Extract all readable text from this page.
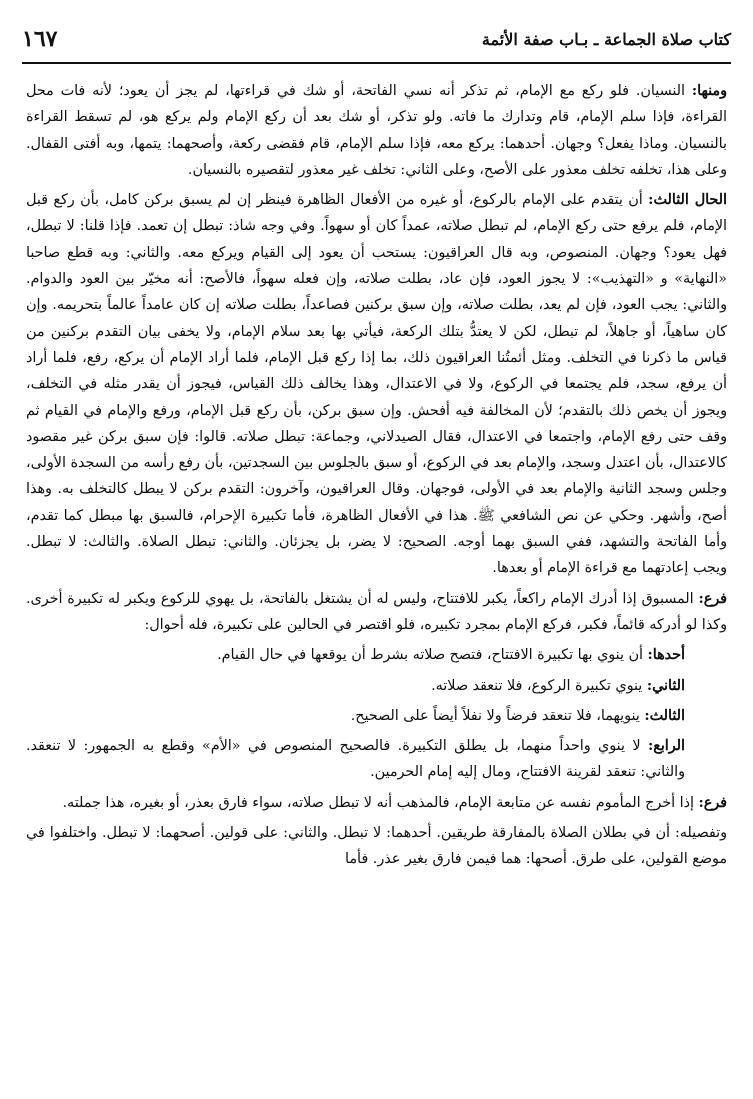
كتاب صلاة الجماعة ـ بـاب صفة الأئمة
١٦٧

ومنها: النسيان. فلو ركع مع الإمام، ثم تذكر أنه نسي الفاتحة، أو شك في قراءتها، لم يجز أن يعود؛ لأنه فات محل القراءة، فإذا سلم الإمام، قام وتدارك ما فاته. ولو تذكر، أو شك بعد أن ركع الإمام ولم يركع هو، لم تسقط القراءة بالنسيان. وماذا يفعل؟ وجهان. أحدهما: يركع معه، فإذا سلم الإمام، قام فقضى ركعة، وأصحهما: يتمها، وبه أفتى القفال. وعلى هذا، تخلفه تخلف معذور على الأصح، وعلى الثاني: تخلف غير معذور لتقصيره بالنسيان.

الحال الثالث: أن يتقدم على الإمام بالركوع، أو غيره من الأفعال الظاهرة فينظر إن لم يسبق بركن كامل، بأن ركع قبل الإمام، فلم يرفع حتى ركع الإمام، لم تبطل صلاته، عمداً كان أو سهواً. وفي وجه شاذ: تبطل إن تعمد. فإذا قلنا: لا تبطل، فهل يعود؟ وجهان. المنصوص، وبه قال العراقيون: يستحب أن يعود إلى القيام ويركع معه. والثاني: وبه قطع صاحبا «النهاية» و «التهذيب»: لا يجوز العود، فإن عاد، بطلت صلاته، وإن فعله سهواً، فالأصح: أنه مخيّر بين العود والدوام. والثاني: يجب العود، فإن لم يعد، بطلت صلاته، وإن سبق بركنين فصاعداً، بطلت صلاته إن كان عامداً عالماً بتحريمه. وإن كان ساهياً، أو جاهلاً، لم تبطل، لكن لا يعتدُّ بتلك الركعة، فيأتي بها بعد سلام الإمام، ولا يخفى بيان التقدم بركنين من قياس ما ذكرنا في التخلف. ومثل أئمتُنا العراقيون ذلك، بما إذا ركع قبل الإمام، فلما أراد الإمام أن يركع، رفع، فلما أراد أن يرفع، سجد، فلم يجتمعا في الركوع، ولا في الاعتدال، وهذا يخالف ذلك القياس، فيجوز أن يقدر مثله في التخلف، ويجوز أن يخص ذلك بالتقدم؛ لأن المخالفة فيه أفحش. وإن سبق بركن، بأن ركع قبل الإمام، ورفع والإمام في القيام ثم وقف حتى رفع الإمام، واجتمعا في الاعتدال، فقال الصيدلاني، وجماعة: تبطل صلاته. قالوا: فإن سبق بركن غير مقصود كالاعتدال، بأن اعتدل وسجد، والإمام بعد في الركوع، أو سبق بالجلوس بين السجدتين، بأن رفع رأسه من السجدة الأولى، وجلس وسجد الثانية والإمام بعد في الأولى، فوجهان. وقال العراقيون، وآخرون: التقدم بركن لا يبطل كالتخلف به. وهذا أصح، وأشهر. وحكي عن نص الشافعي ﷺ. هذا في الأفعال الظاهرة، فأما تكبيرة الإحرام، فالسبق بها مبطل كما تقدم، وأما الفاتحة والتشهد، ففي السبق بهما أوجه. الصحيح: لا يضر، بل يجزئان. والثاني: تبطل الصلاة. والثالث: لا تبطل. ويجب إعادتهما مع قراءة الإمام أو بعدها.

فرع: المسبوق إذا أدرك الإمام راكعاً، يكبر للافتتاح، وليس له أن يشتغل بالفاتحة، بل يهوي للركوع ويكبر له تكبيرة أخرى. وكذا لو أدركه قائماً، فكبر، فركع الإمام بمجرد تكبيره، فلو اقتصر في الحالين على تكبيرة، فله أحوال:

أحدها: أن ينوي بها تكبيرة الافتتاح، فتصح صلاته بشرط أن يوقعها في حال القيام.

الثاني: ينوي تكبيرة الركوع، فلا تنعقد صلاته.

الثالث: ينويهما، فلا تنعقد فرضاً ولا نفلاً أيضاً على الصحيح.

الرابع: لا ينوي واحداً منهما، بل يطلق التكبيرة. فالصحيح المنصوص في «الأم» وقطع به الجمهور: لا تنعقد. والثاني: تنعقد لقرينة الافتتاح، ومال إليه إمام الحرمين.

فرع: إذا أخرج المأموم نفسه عن متابعة الإمام، فالمذهب أنه لا تبطل صلاته، سواء فارق بعذر، أو بغيره، هذا جملته.

وتفصيله: أن في بطلان الصلاة بالمفارقة طريقين. أحدهما: لا تبطل. والثاني: على قولين. أصحهما: لا تبطل. واختلفوا في موضع القولين، على طرق. أصحها: هما فيمن فارق بغير عذر. فأما
